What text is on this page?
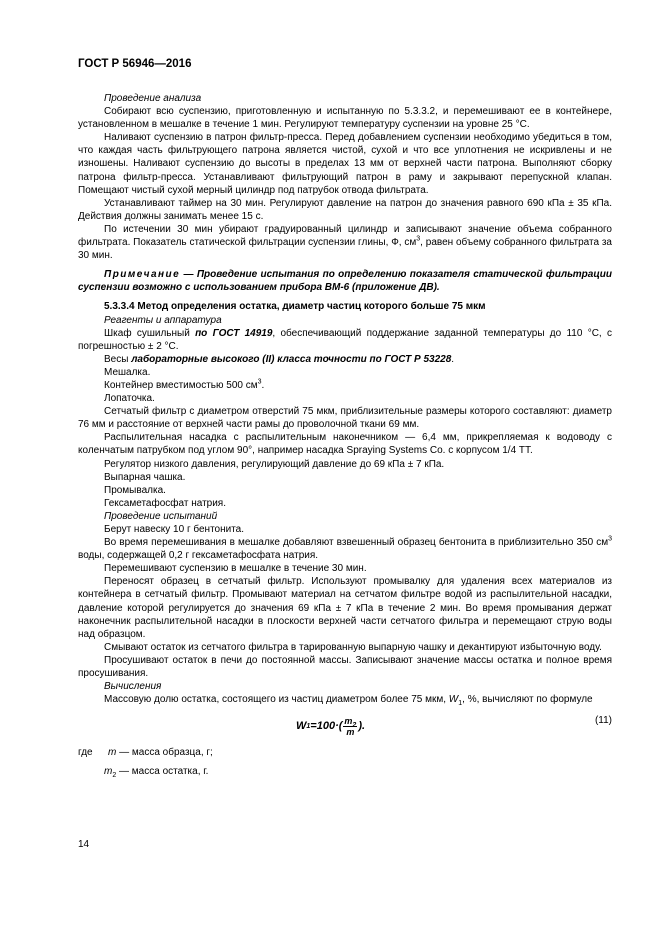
ГОСТ Р 56946—2016

Проведение анализа

Собирают всю суспензию, приготовленную и испытанную по 5.3.3.2, и перемешивают ее в контейнере, установленном в мешалке в течение 1 мин. Регулируют температуру суспензии на уровне 25 °С.

Наливают суспензию в патрон фильтр-пресса. Перед добавлением суспензии необходимо убедиться в том, что каждая часть фильтрующего патрона является чистой, сухой и что все уплотнения не искривлены и не изношены. Наливают суспензию до высоты в пределах 13 мм от верхней части патрона. Выполняют сборку патрона фильтр-пресса. Устанавливают фильтрующий патрон в раму и закрывают перепускной клапан. Помещают чистый сухой мерный цилиндр под патрубок отвода фильтрата.

Устанавливают таймер на 30 мин. Регулируют давление на патрон до значения равного 690 кПа ± 35 кПа. Действия должны занимать менее 15 с.

По истечении 30 мин убирают градуированный цилиндр и записывают значение объема собранного фильтрата. Показатель статической фильтрации суспензии глины, Ф, $см^3$, равен объему собранного фильтрата за 30 мин.

Примечание — Проведение испытания по определению показателя статической фильтрации суспензии возможно с использованием прибора ВМ-6 (приложение ДВ).

5.3.3.4 Метод определения остатка, диаметр частиц которого больше 75 мкм

Реагенты и аппаратура

Шкаф сушильный по ГОСТ 14919, обеспечивающий поддержание заданной температуры до 110 °С, с погрешностью ± 2 °С.

Весы лабораторные высокого (II) класса точности по ГОСТ Р 53228.

Мешалка.

Контейнер вместимостью 500 $см^3$.

Лопаточка.

Сетчатый фильтр с диаметром отверстий 75 мкм, приблизительные размеры которого составляют: диаметр 76 мм и расстояние от верхней части рамы до проволочной ткани 69 мм.

Распылительная насадка с распылительным наконечником — 6,4 мм, прикрепляемая к водоводу с коленчатым патрубком под углом 90°, например насадка Spraying Systems Co. с корпусом 1/4 ТТ.

Регулятор низкого давления, регулирующий давление до 69 кПа ± 7 кПа.

Выпарная чашка.

Промывалка.

Гексаметафосфат натрия.

Проведение испытаний

Берут навеску 10 г бентонита.

Во время перемешивания в мешалке добавляют взвешенный образец бентонита в приблизительно 350 $см^3$ воды, содержащей 0,2 г гексаметафосфата натрия.

Перемешивают суспензию в мешалке в течение 30 мин.

Переносят образец в сетчатый фильтр. Используют промывалку для удаления всех материалов из контейнера в сетчатый фильтр. Промывают материал на сетчатом фильтре водой из распылительной насадки, давление которой регулируется до значения 69 кПа ± 7 кПа в течение 2 мин. Во время промывания держат наконечник распылительной насадки в плоскости верхней части сетчатого фильтра и перемещают струю воды над образцом.

Смывают остаток из сетчатого фильтра в тарированную выпарную чашку и декантируют избыточную воду.

Просушивают остаток в печи до постоянной массы. Записывают значение массы остатка и полное время просушивания.

Вычисления

Массовую долю остатка, состоящего из частиц диаметром более 75 мкм, $W_1$, %, вычисляют по формуле

W $1 =100\cdot( \frac{m_2}{m}$ ).	(11)
где	m — масса образца, г;
$m_2$ — масса остатка, г.
14
